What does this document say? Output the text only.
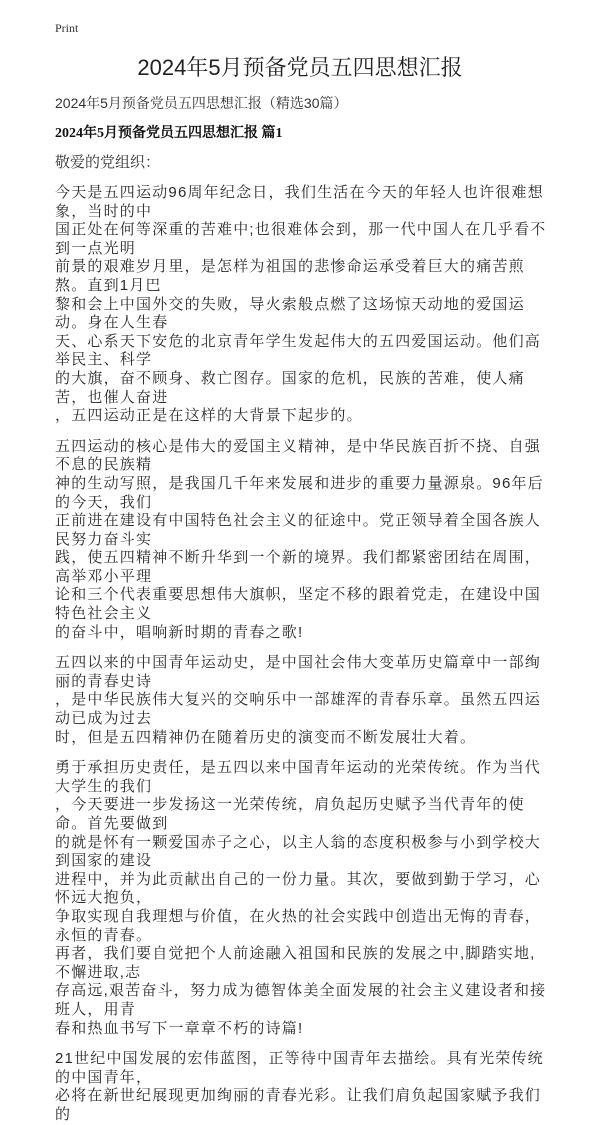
Print
2024年5月预备党员五四思想汇报
2024年5月预备党员五四思想汇报（精选30篇）
2024年5月预备党员五四思想汇报 篇1
敬爱的党组织：
今天是五四运动96周年纪念日，我们生活在今天的年轻人也许很难想象，当时的中
国正处在何等深重的苦难中;也很难体会到，那一代中国人在几乎看不到一点光明
前景的艰难岁月里，是怎样为祖国的悲惨命运承受着巨大的痛苦煎熬。直到1月巴
黎和会上中国外交的失败，导火索般点燃了这场惊天动地的爱国运动。身在人生春
天、心系天下安危的北京青年学生发起伟大的五四爱国运动。他们高举民主、科学
的大旗，奋不顾身、救亡图存。国家的危机，民族的苦难，使人痛苦，也催人奋进
，五四运动正是在这样的大背景下起步的。
五四运动的核心是伟大的爱国主义精神，是中华民族百折不挠、自强不息的民族精
神的生动写照，是我国几千年来发展和进步的重要力量源泉。96年后的今天，我们
正前进在建设有中国特色社会主义的征途中。党正领导着全国各族人民努力奋斗实
践，使五四精神不断升华到一个新的境界。我们都紧密团结在周围，高举邓小平理
论和三个代表重要思想伟大旗帜，坚定不移的跟着党走，在建设中国特色社会主义
的奋斗中，唱响新时期的青春之歌!
五四以来的中国青年运动史，是中国社会伟大变革历史篇章中一部绚丽的青春史诗
，是中华民族伟大复兴的交响乐中一部雄浑的青春乐章。虽然五四运动已成为过去
时，但是五四精神仍在随着历史的演变而不断发展壮大着。
勇于承担历史责任，是五四以来中国青年运动的光荣传统。作为当代大学生的我们
，今天要进一步发扬这一光荣传统，肩负起历史赋予当代青年的使命。首先要做到
的就是怀有一颗爱国赤子之心，以主人翁的态度积极参与小到学校大到国家的建设
进程中，并为此贡献出自己的一份力量。其次，要做到勤于学习，心怀远大抱负，
争取实现自我理想与价值，在火热的社会实践中创造出无悔的青春，永恒的青春。
再者，我们要自觉把个人前途融入祖国和民族的发展之中,脚踏实地,不懈进取,志
存高远,艰苦奋斗，努力成为德智体美全面发展的社会主义建设者和接班人，用青
春和热血书写下一章章不朽的诗篇!
21世纪中国发展的宏伟蓝图，正等待中国青年去描绘。具有光荣传统的中国青年，
必将在新世纪展现更加绚丽的青春光彩。让我们肩负起国家赋予我们的
